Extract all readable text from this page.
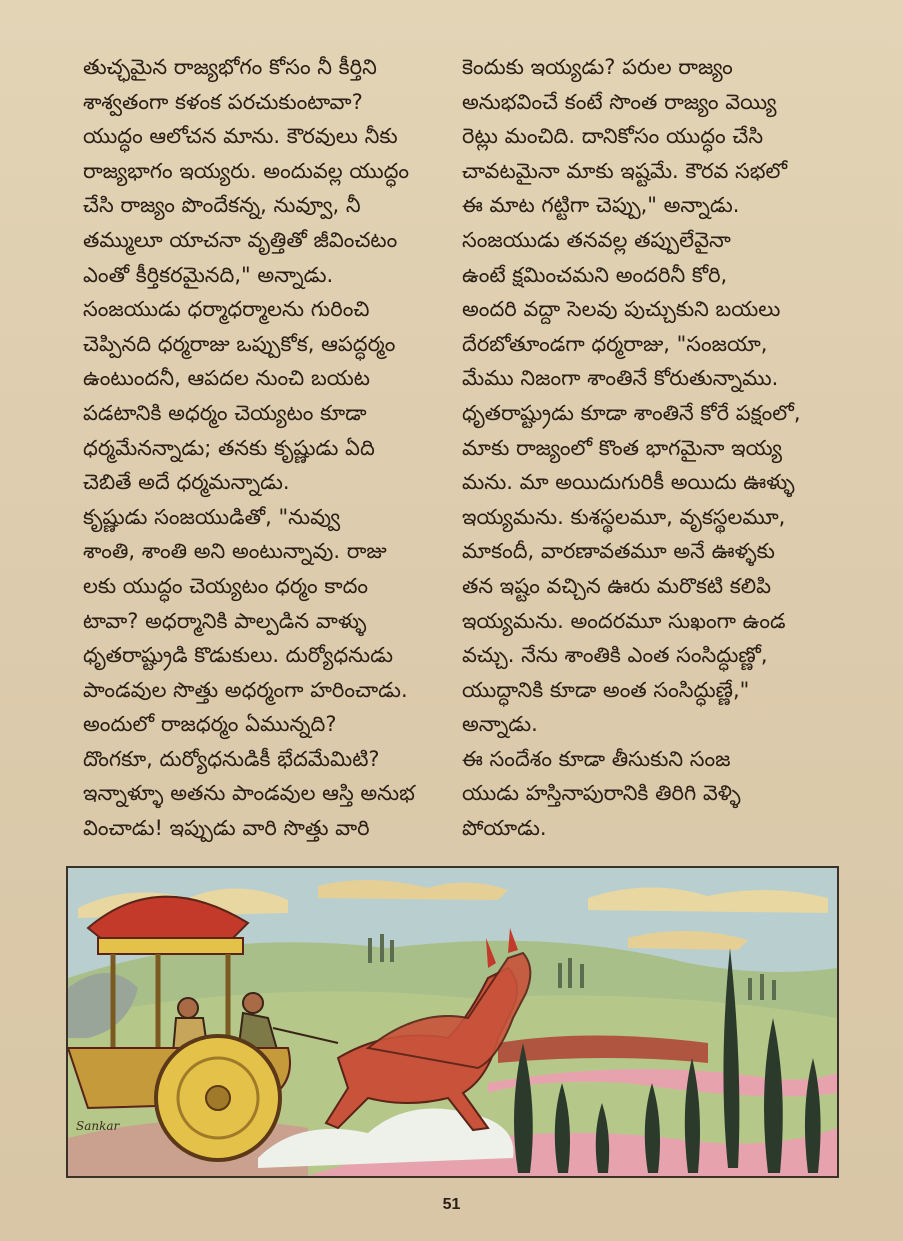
తుచ్ఛమైన రాజ్యభోగం కోసం నీ కీర్తిని
శాశ్వతంగా కళంక పరచుకుంటావా?
యుద్ధం ఆలోచన మాను. కౌరవులు నీకు
రాజ్యభాగం ఇయ్యరు. అందువల్ల యుద్ధం
చేసి రాజ్యం పొందేకన్న, నువ్వూ, నీ
తమ్ములూ యాచనా వృత్తితో జీవించటం
ఎంతో కీర్తికరమైనది," అన్నాడు.
సంజయుడు ధర్మాధర్మాలను గురించి
చెప్పినది ధర్మరాజు ఒప్పుకోక, ఆపద్ధర్మం
ఉంటుందనీ, ఆపదల నుంచి బయట
పడటానికి అధర్మం చెయ్యటం కూడా
ధర్మమేనన్నాడు; తనకు కృష్ణుడు ఏది
చెబితే అదే ధర్మమన్నాడు.
కృష్ణుడు సంజయుడితో, "నువ్వు
శాంతి, శాంతి అని అంటున్నావు. రాజు
లకు యుద్ధం చెయ్యటం ధర్మం కాదం
టావా? అధర్మానికి పాల్పడిన వాళ్ళు
ధృతరాష్ట్రుడి కొడుకులు. దుర్యోధనుడు
పాండవుల సొత్తు అధర్మంగా హరించాడు.
అందులో రాజధర్మం ఏమున్నది?
దొంగకూ, దుర్యోధనుడికీ భేదమేమిటి?
ఇన్నాళ్ళూ అతను పాండవుల ఆస్తి అనుభ
వించాడు! ఇప్పుడు వారి సొత్తు వారి
కెందుకు ఇయ్యడు? పరుల రాజ్యం
అనుభవించే కంటే సొంత రాజ్యం వెయ్యి
రెట్లు మంచిది. దానికోసం యుద్ధం చేసి
చావటమైనా మాకు ఇష్టమే. కౌరవ సభలో
ఈ మాట గట్టిగా చెప్పు," అన్నాడు.
సంజయుడు తనవల్ల తప్పులేవైనా
ఉంటే క్షమించమని అందరినీ కోరి,
అందరి వద్దా సెలవు పుచ్చుకుని బయలు
దేరబోతూండగా ధర్మరాజు, "సంజయా,
మేము నిజంగా శాంతినే కోరుతున్నాము.
ధృతరాష్ట్రుడు కూడా శాంతినే కోరే పక్షంలో,
మాకు రాజ్యంలో కొంత భాగమైనా ఇయ్య
మను. మా అయిదుగురికీ అయిదు ఊళ్ళు
ఇయ్యమను. కుశస్థలమూ, వృకస్థలమూ,
మాకందీ, వారణావతమూ అనే ఊళ్ళకు
తన ఇష్టం వచ్చిన ఊరు మరొకటి కలిపి
ఇయ్యమను. అందరమూ సుఖంగా ఉండ
వచ్చు. నేను శాంతికి ఎంత సంసిద్ధుణ్ణో,
యుద్ధానికి కూడా అంత సంసిద్ధుణ్ణే,"
అన్నాడు.
ఈ సందేశం కూడా తీసుకుని సంజ
యుడు హస్తినాపురానికి తిరిగి వెళ్ళి
పోయాడు.
Sankar
51
